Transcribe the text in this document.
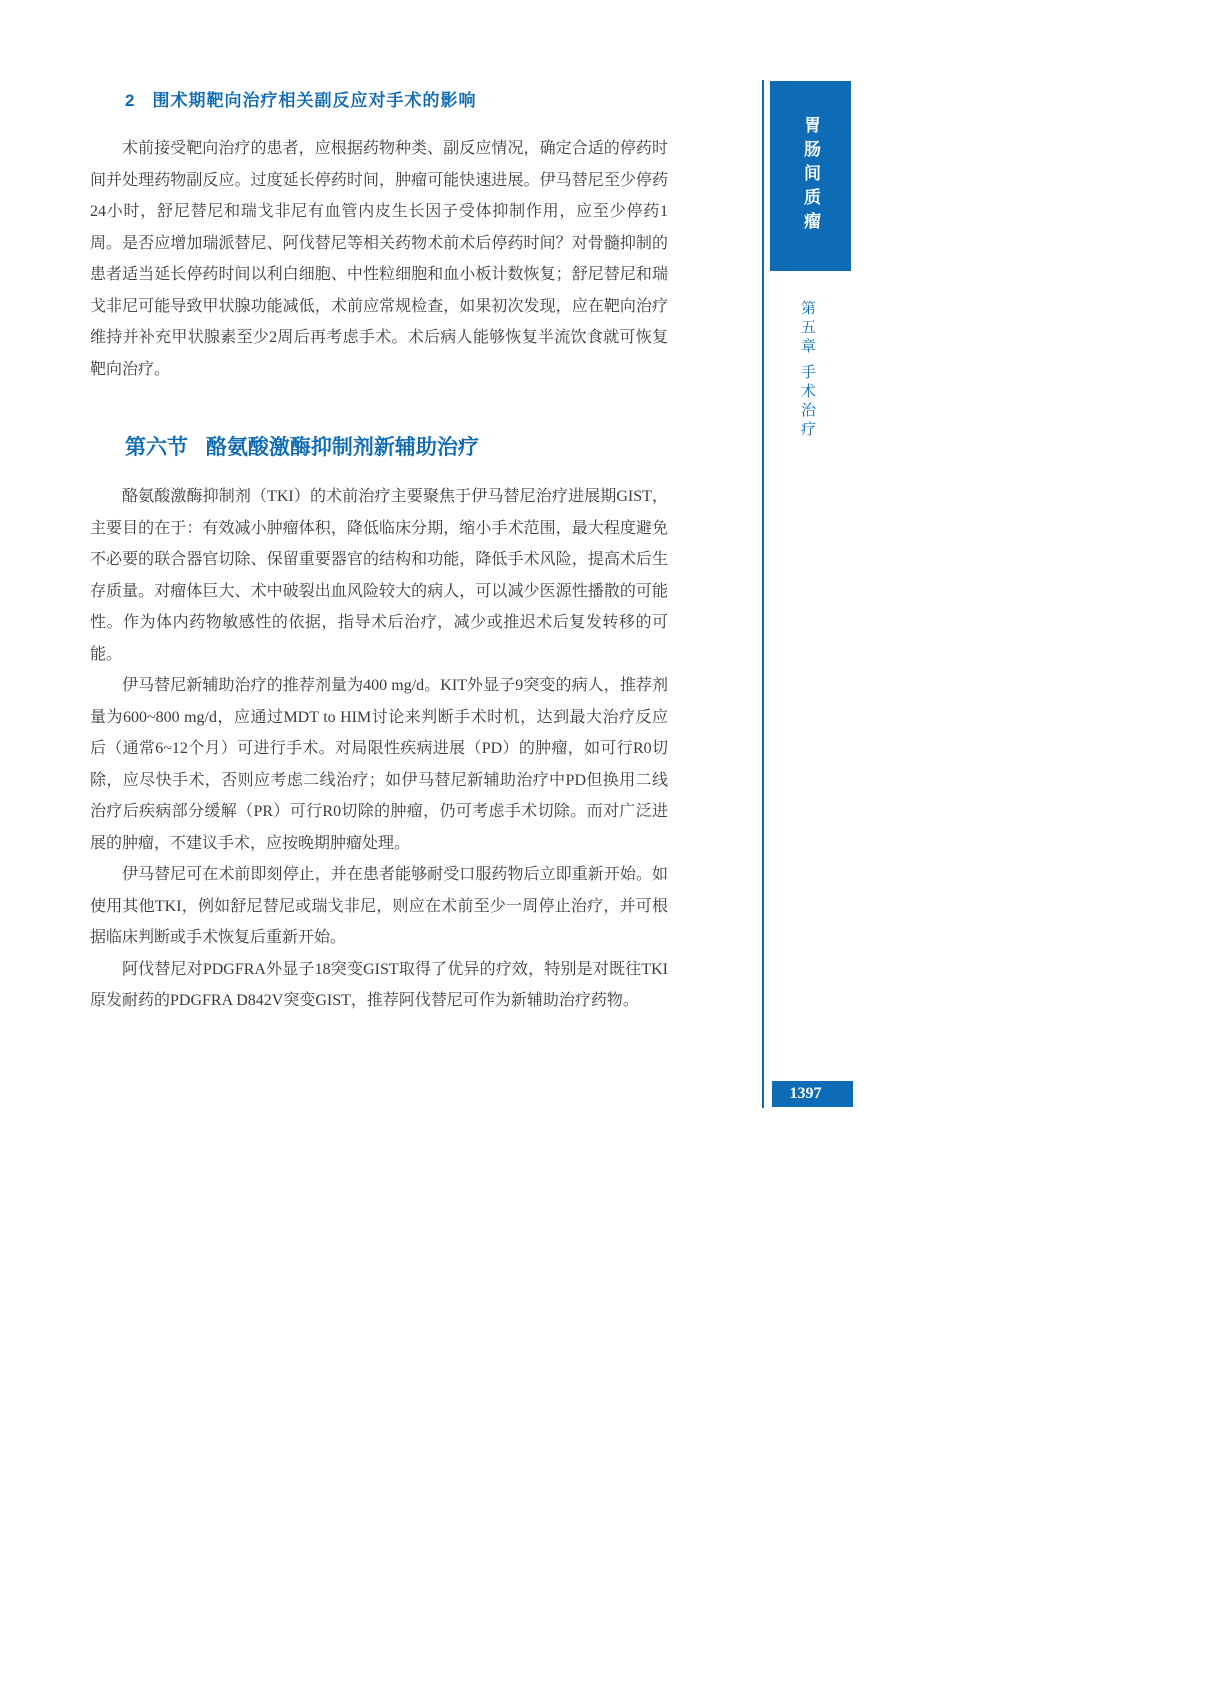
2 围术期靶向治疗相关副反应对手术的影响

术前接受靶向治疗的患者，应根据药物种类、副反应情况，确定合适的停药时间并处理药物副反应。过度延长停药时间，肿瘤可能快速进展。伊马替尼至少停药24小时，舒尼替尼和瑞戈非尼有血管内皮生长因子受体抑制作用，应至少停药1周。是否应增加瑞派替尼、阿伐替尼等相关药物术前术后停药时间？对骨髓抑制的患者适当延长停药时间以利白细胞、中性粒细胞和血小板计数恢复；舒尼替尼和瑞戈非尼可能导致甲状腺功能减低，术前应常规检查，如果初次发现，应在靶向治疗维持并补充甲状腺素至少2周后再考虑手术。术后病人能够恢复半流饮食就可恢复靶向治疗。

第六节 酪氨酸激酶抑制剂新辅助治疗

酪氨酸激酶抑制剂（TKI）的术前治疗主要聚焦于伊马替尼治疗进展期GIST，主要目的在于：有效减小肿瘤体积，降低临床分期，缩小手术范围，最大程度避免不必要的联合器官切除、保留重要器官的结构和功能，降低手术风险，提高术后生存质量。对瘤体巨大、术中破裂出血风险较大的病人，可以减少医源性播散的可能性。作为体内药物敏感性的依据，指导术后治疗，减少或推迟术后复发转移的可能。

伊马替尼新辅助治疗的推荐剂量为400 mg/d。KIT外显子9突变的病人，推荐剂量为600~800 mg/d，应通过MDT to HIM讨论来判断手术时机，达到最大治疗反应后（通常6~12个月）可进行手术。对局限性疾病进展（PD）的肿瘤，如可行R0切除，应尽快手术，否则应考虑二线治疗；如伊马替尼新辅助治疗中PD但换用二线治疗后疾病部分缓解（PR）可行R0切除的肿瘤，仍可考虑手术切除。而对广泛进展的肿瘤，不建议手术，应按晚期肿瘤处理。

伊马替尼可在术前即刻停止，并在患者能够耐受口服药物后立即重新开始。如使用其他TKI，例如舒尼替尼或瑞戈非尼，则应在术前至少一周停止治疗，并可根据临床判断或手术恢复后重新开始。

阿伐替尼对PDGFRA外显子18突变GIST取得了优异的疗效，特别是对既往TKI原发耐药的PDGFRA D842V突变GIST，推荐阿伐替尼可作为新辅助治疗药物。

胃肠间质瘤
第五章
手术治疗
1397
